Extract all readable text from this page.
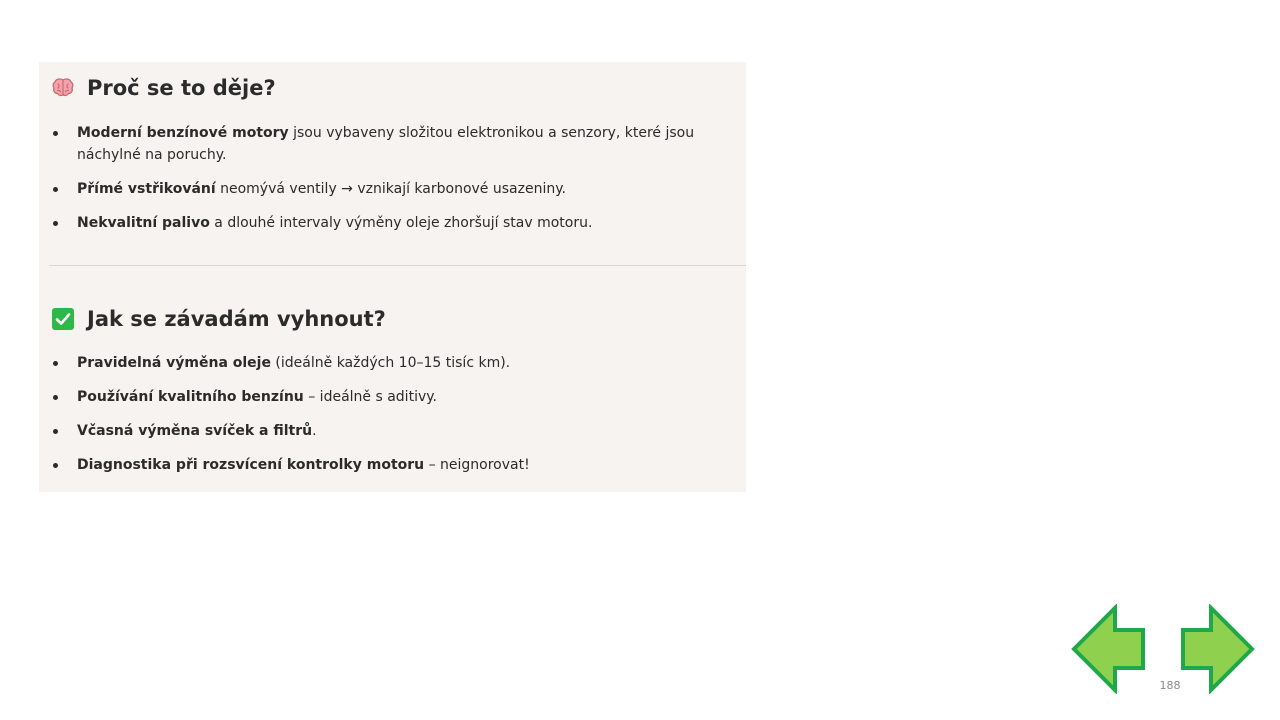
Proč se to děje?
Moderní benzínové motory jsou vybaveny složitou elektronikou a senzory, které jsou náchylné na poruchy.
Přímé vstřikování neomývá ventily → vznikají karbonové usazeniny.
Nekvalitní palivo a dlouhé intervaly výměny oleje zhoršují stav motoru.
Jak se závadám vyhnout?
Pravidelná výměna oleje (ideálně každých 10–15 tisíc km).
Používání kvalitního benzínu – ideálně s aditivy.
Včasná výměna svíček a filtrů.
Diagnostika při rozsvícení kontrolky motoru – neignorovat!
188
